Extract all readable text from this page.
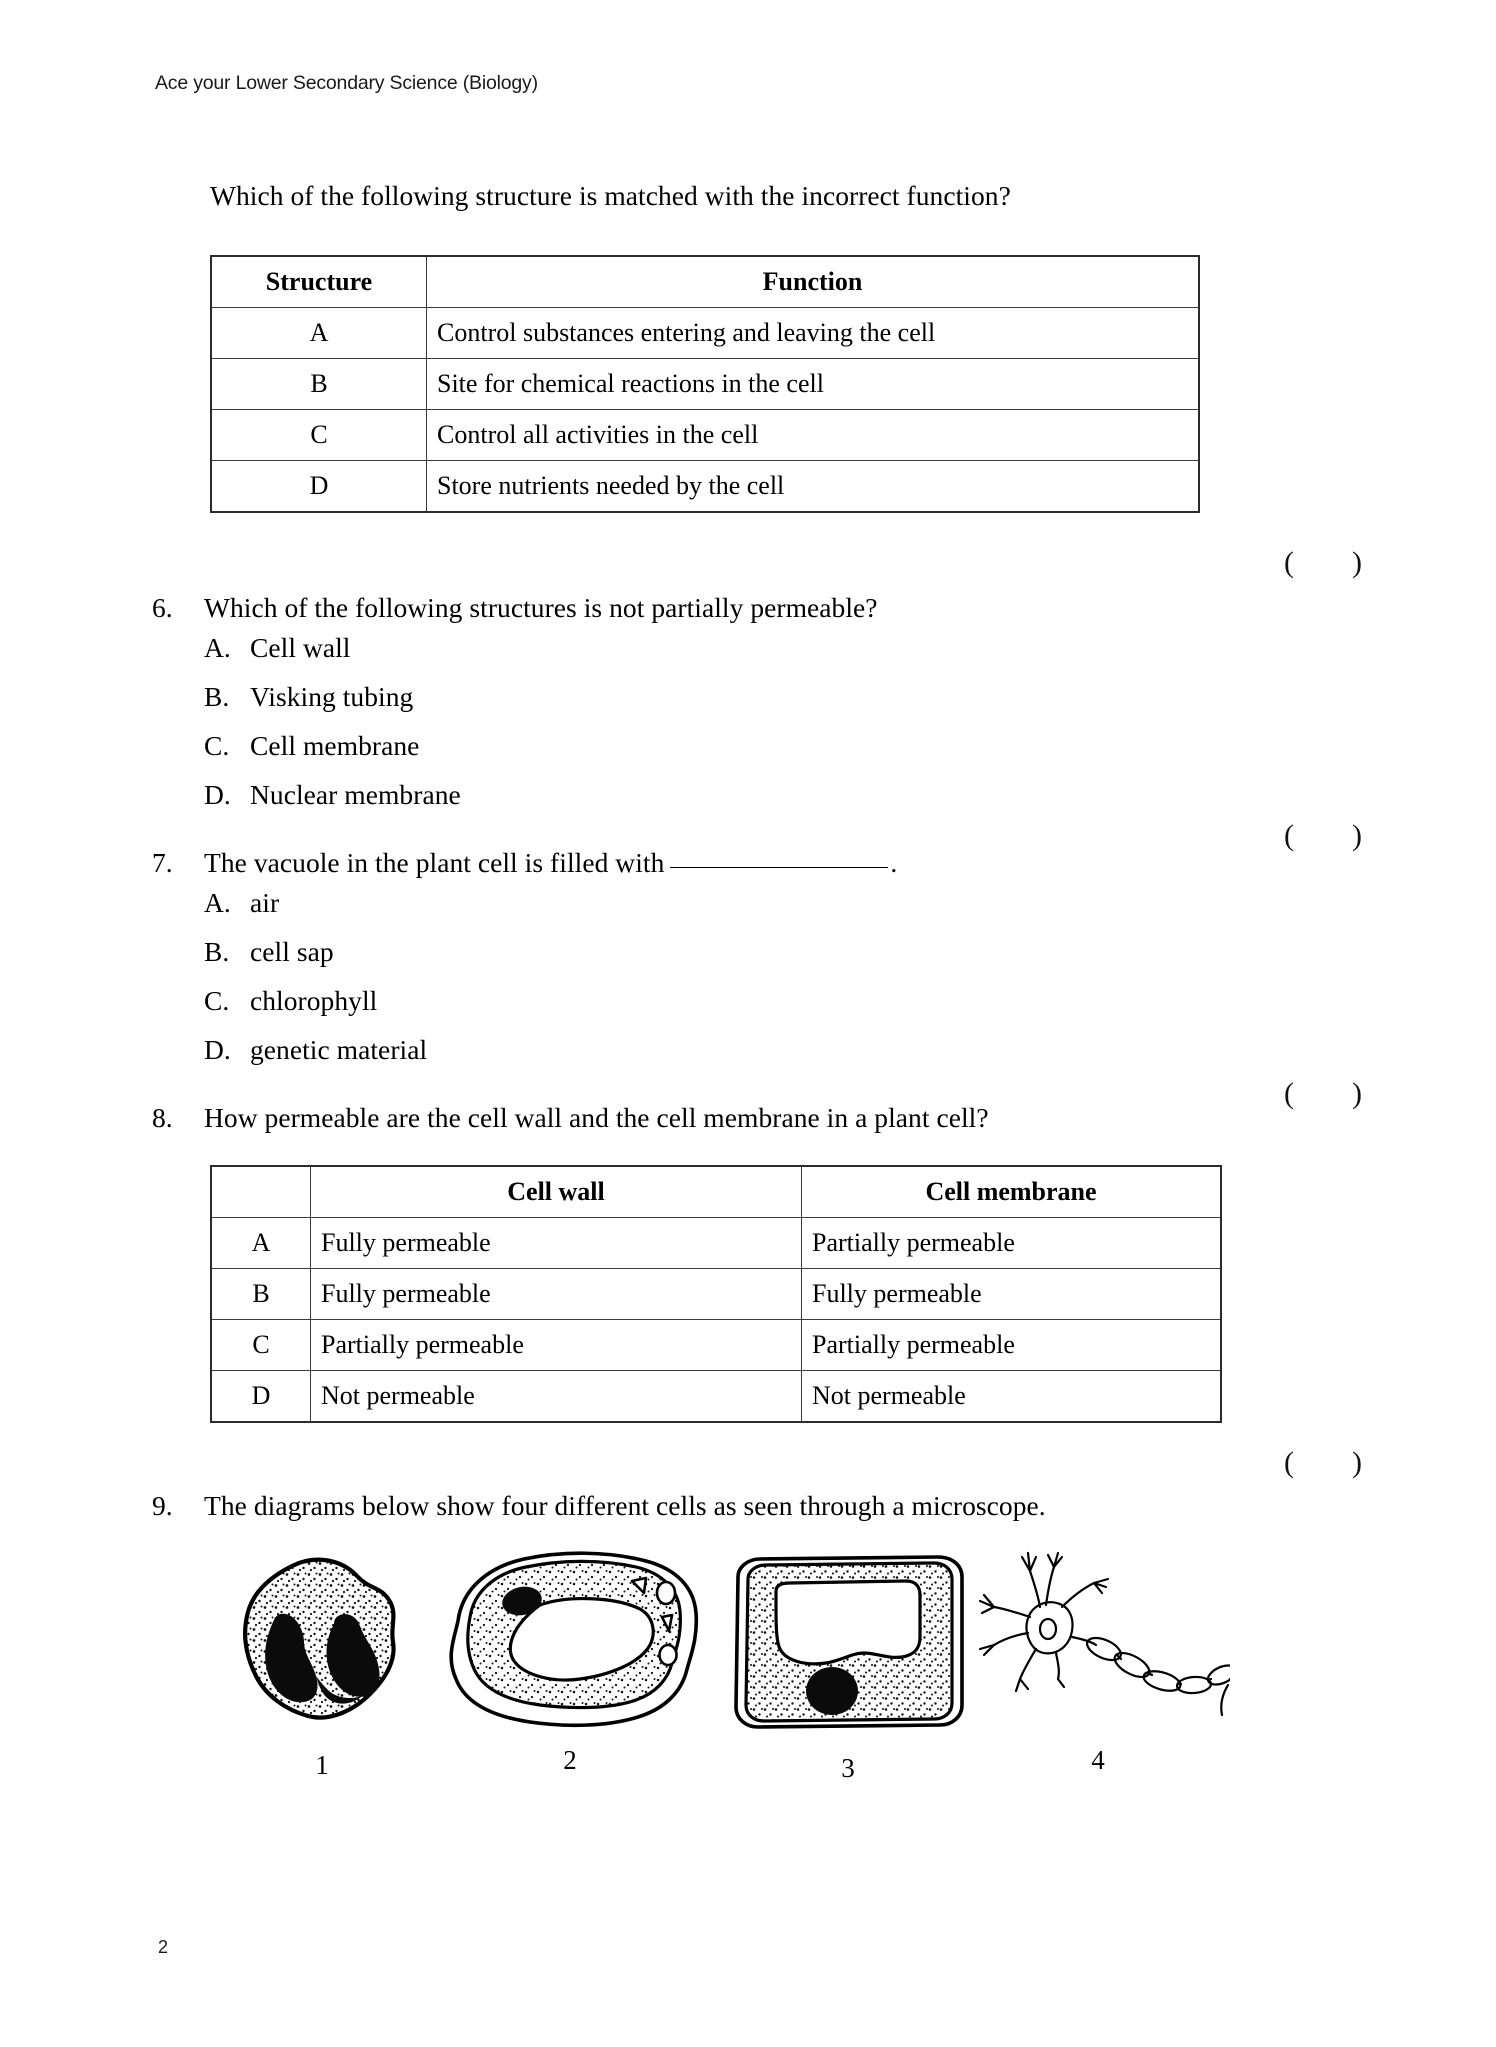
Ace your Lower Secondary Science (Biology)
Which of the following structure is matched with the incorrect function?
Structure	Function
A	Control substances entering and leaving the cell
B	Site for chemical reactions in the cell
C	Control all activities in the cell
D	Store nutrients needed by the cell

( )

6.	Which of the following structures is not partially permeable?
A. Cell wall
B. Visking tubing
C. Cell membrane
D. Nuclear membrane

( )

7.	The vacuole in the plant cell is filled with	.
A. air
B. cell sap
C. chlorophyll
D. genetic material

( )

8.	How permeable are the cell wall and the cell membrane in a plant cell?
	Cell wall	Cell membrane
A	Fully permeable	Partially permeable
B	Fully permeable	Fully permeable
C	Partially permeable	Partially permeable
D	Not permeable	Not permeable

( )

9.	The diagrams below show four different cells as seen through a microscope.
1	2	3	4
2
